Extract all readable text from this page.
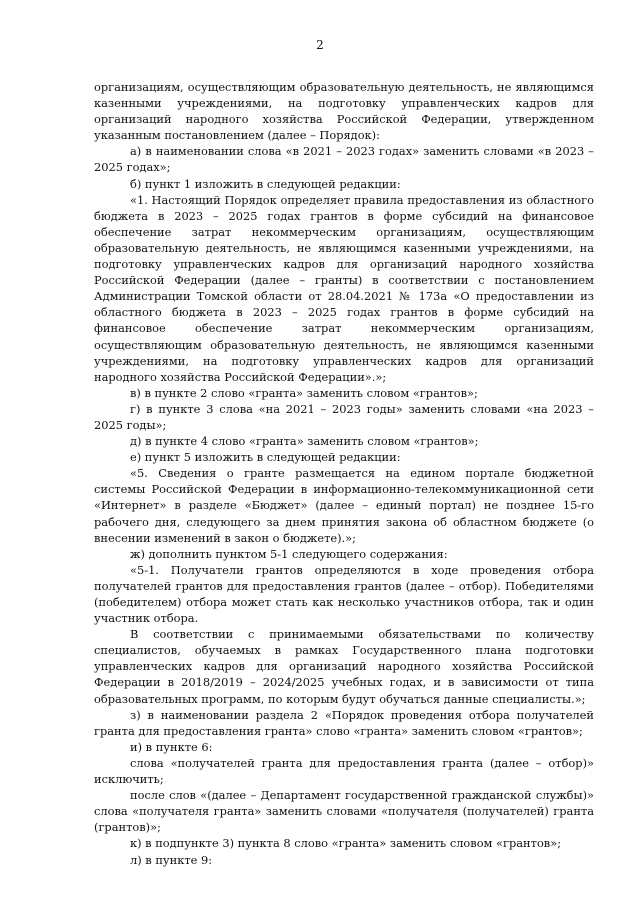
2

организациям, осуществляющим образовательную деятельность, не являющимся казенными учреждениями, на подготовку управленческих кадров для организаций народного хозяйства Российской Федерации, утвержденном указанным постановлением (далее – Порядок):

а) в наименовании слова «в 2021 – 2023 годах» заменить словами «в 2023 – 2025 годах»;

б) пункт 1 изложить в следующей редакции:

«1. Настоящий Порядок определяет правила предоставления из областного бюджета в 2023 – 2025 годах грантов в форме субсидий на финансовое обеспечение затрат некоммерческим организациям, осуществляющим образовательную деятельность, не являющимся казенными учреждениями, на подготовку управленческих кадров для организаций народного хозяйства Российской Федерации (далее – гранты) в соответствии с постановлением Администрации Томской области от 28.04.2021 № 173а «О предоставлении из областного бюджета в 2023 – 2025 годах грантов в форме субсидий на финансовое обеспечение затрат некоммерческим организациям, осуществляющим образовательную деятельность, не являющимся казенными учреждениями, на подготовку управленческих кадров для организаций народного хозяйства Российской Федерации».»;

в) в пункте 2 слово «гранта» заменить словом «грантов»;

г) в пункте 3 слова «на 2021 – 2023 годы» заменить словами «на 2023 – 2025 годы»;

д) в пункте 4 слово «гранта» заменить словом «грантов»;

е) пункт 5 изложить в следующей редакции:

«5. Сведения о гранте размещается на едином портале бюджетной системы Российской Федерации в информационно-телекоммуникационной сети «Интернет» в разделе «Бюджет» (далее – единый портал) не позднее 15-го рабочего дня, следующего за днем принятия закона об областном бюджете (о внесении изменений в закон о бюджете).»;

ж) дополнить пунктом 5-1 следующего содержания:

«5-1. Получатели грантов определяются в ходе проведения отбора получателей грантов для предоставления грантов (далее – отбор). Победителями (победителем) отбора может стать как несколько участников отбора, так и один участник отбора.

В соответствии с принимаемыми обязательствами по количеству специалистов, обучаемых в рамках Государственного плана подготовки управленческих кадров для организаций народного хозяйства Российской Федерации в 2018/2019 – 2024/2025 учебных годах, и в зависимости от типа образовательных программ, по которым будут обучаться данные специалисты.»;

з) в наименовании раздела 2 «Порядок проведения отбора получателей гранта для предоставления гранта» слово «гранта» заменить словом «грантов»;

и) в пункте 6:

слова «получателей гранта для предоставления гранта (далее – отбор)» исключить;

после слов «(далее – Департамент государственной гражданской службы)» слова «получателя гранта» заменить словами «получателя (получателей) гранта (грантов)»;

к) в подпункте 3) пункта 8 слово «гранта» заменить словом «грантов»;

л) в пункте 9:
